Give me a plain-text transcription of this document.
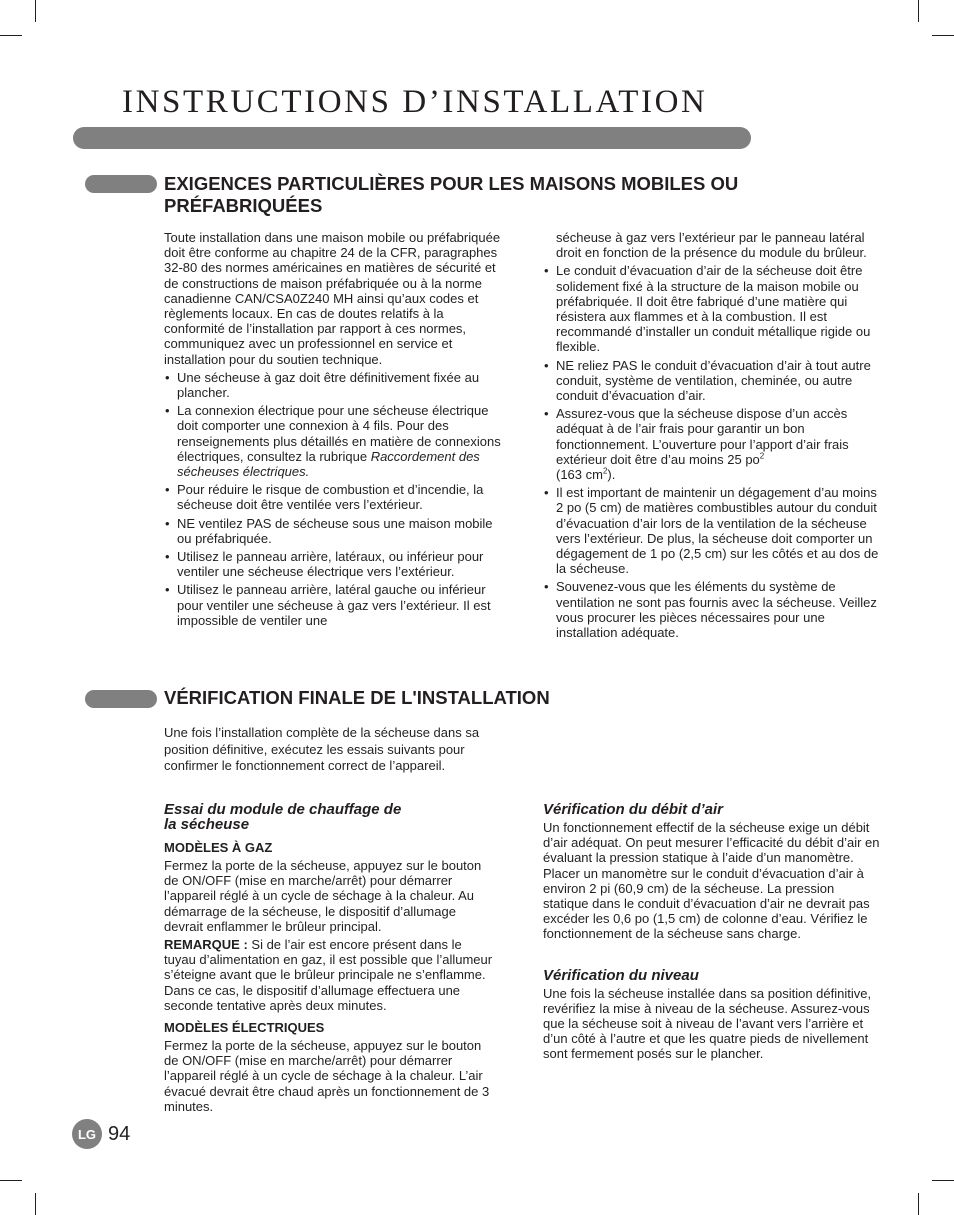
INSTRUCTIONS D’INSTALLATION
EXIGENCES PARTICULIÈRES POUR LES MAISONS MOBILES OU
PRÉFABRIQUÉES

Toute installation dans une maison mobile ou préfabriquée doit être conforme au chapitre 24 de la CFR, paragraphes 32-80 des normes américaines en matières de sécurité et de constructions de maison préfabriquée ou à la norme canadienne CAN/CSA0Z240 MH ainsi qu’aux codes et règlements locaux. En cas de doutes relatifs à la conformité de l’installation par rapport à ces normes, communiquez avec un professionnel en service et installation pour du soutien technique.

• Une sécheuse à gaz doit être définitivement fixée au plancher.
• La connexion électrique pour une sécheuse électrique doit comporter une connexion à 4 fils. Pour des renseignements plus détaillés en matière de connexions électriques, consultez la rubrique Raccordement des sécheuses électriques.
• Pour réduire le risque de combustion et d’incendie, la sécheuse doit être ventilée vers l’extérieur.
• NE ventilez PAS de sécheuse sous une maison mobile ou préfabriquée.
• Utilisez le panneau arrière, latéraux, ou inférieur pour ventiler une sécheuse électrique vers l’extérieur.
• Utilisez le panneau arrière, latéral gauche ou inférieur pour ventiler une sécheuse à gaz vers l’extérieur. Il est impossible de ventiler une

sécheuse à gaz vers l’extérieur par le panneau latéral droit en fonction de la présence du module du brûleur.

• Le conduit d’évacuation d’air de la sécheuse doit être solidement fixé à la structure de la maison mobile ou préfabriquée. Il doit être fabriqué d’une matière qui résistera aux flammes et à la combustion. Il est recommandé d’installer un conduit métallique rigide ou flexible.
• NE reliez PAS le conduit d’évacuation d’air à tout autre conduit, système de ventilation, cheminée, ou autre conduit d’évacuation d’air.
• Assurez-vous que la sécheuse dispose d’un accès adéquat à de l’air frais pour garantir un bon fonctionnement. L’ouverture pour l’apport d’air frais extérieur doit être d’au moins 25 $po^2$
(163 $cm^2$).
• Il est important de maintenir un dégagement d’au moins 2 po (5 cm) de matières combustibles autour du conduit d’évacuation d’air lors de la ventilation de la sécheuse vers l’extérieur. De plus, la sécheuse doit comporter un dégagement de 1 po (2,5 cm) sur les côtés et au dos de la sécheuse.
• Souvenez-vous que les éléments du système de ventilation ne sont pas fournis avec la sécheuse. Veillez vous procurer les pièces nécessaires pour une installation adéquate.
VÉRIFICATION FINALE DE L'INSTALLATION

Une fois l’installation complète de la sécheuse dans sa position définitive, exécutez les essais suivants pour confirmer le fonctionnement correct de l’appareil.

Essai du module de chauffage de
la sécheuse
MODÈLES À GAZ

Fermez la porte de la sécheuse, appuyez sur le bouton de ON/OFF (mise en marche/arrêt) pour démarrer l’appareil réglé à un cycle de séchage à la chaleur. Au démarrage de la sécheuse, le dispositif d’allumage devrait enflammer le brûleur principal.

REMARQUE : Si de l’air est encore présent dans le tuyau d’alimentation en gaz, il est possible que l’allumeur s’éteigne avant que le brûleur principale ne s’enflamme. Dans ce cas, le dispositif d’allumage effectuera une seconde tentative après deux minutes.

MODÈLES ÉLECTRIQUES

Fermez la porte de la sécheuse, appuyez sur le bouton de ON/OFF (mise en marche/arrêt) pour démarrer l’appareil réglé à un cycle de séchage à la chaleur. L’air évacué devrait être chaud après un fonctionnement de 3 minutes.

Vérification du débit d’air

Un fonctionnement effectif de la sécheuse exige un débit d’air adéquat. On peut mesurer l’efficacité du débit d’air en évaluant la pression statique à l’aide d’un manomètre. Placer un manomètre sur le conduit d’évacuation d’air à environ 2 pi (60,9 cm) de la sécheuse. La pression statique dans le conduit d’évacuation d’air ne devrait pas excéder les 0,6 po (1,5 cm) de colonne d’eau. Vérifiez le fonctionnement de la sécheuse sans charge.

Vérification du niveau

Une fois la sécheuse installée dans sa position définitive, revérifiez la mise à niveau de la sécheuse. Assurez-vous que la sécheuse soit à niveau de l’avant vers l’arrière et d’un côté à l’autre et que les quatre pieds de nivellement sont fermement posés sur le plancher.

LG 94
